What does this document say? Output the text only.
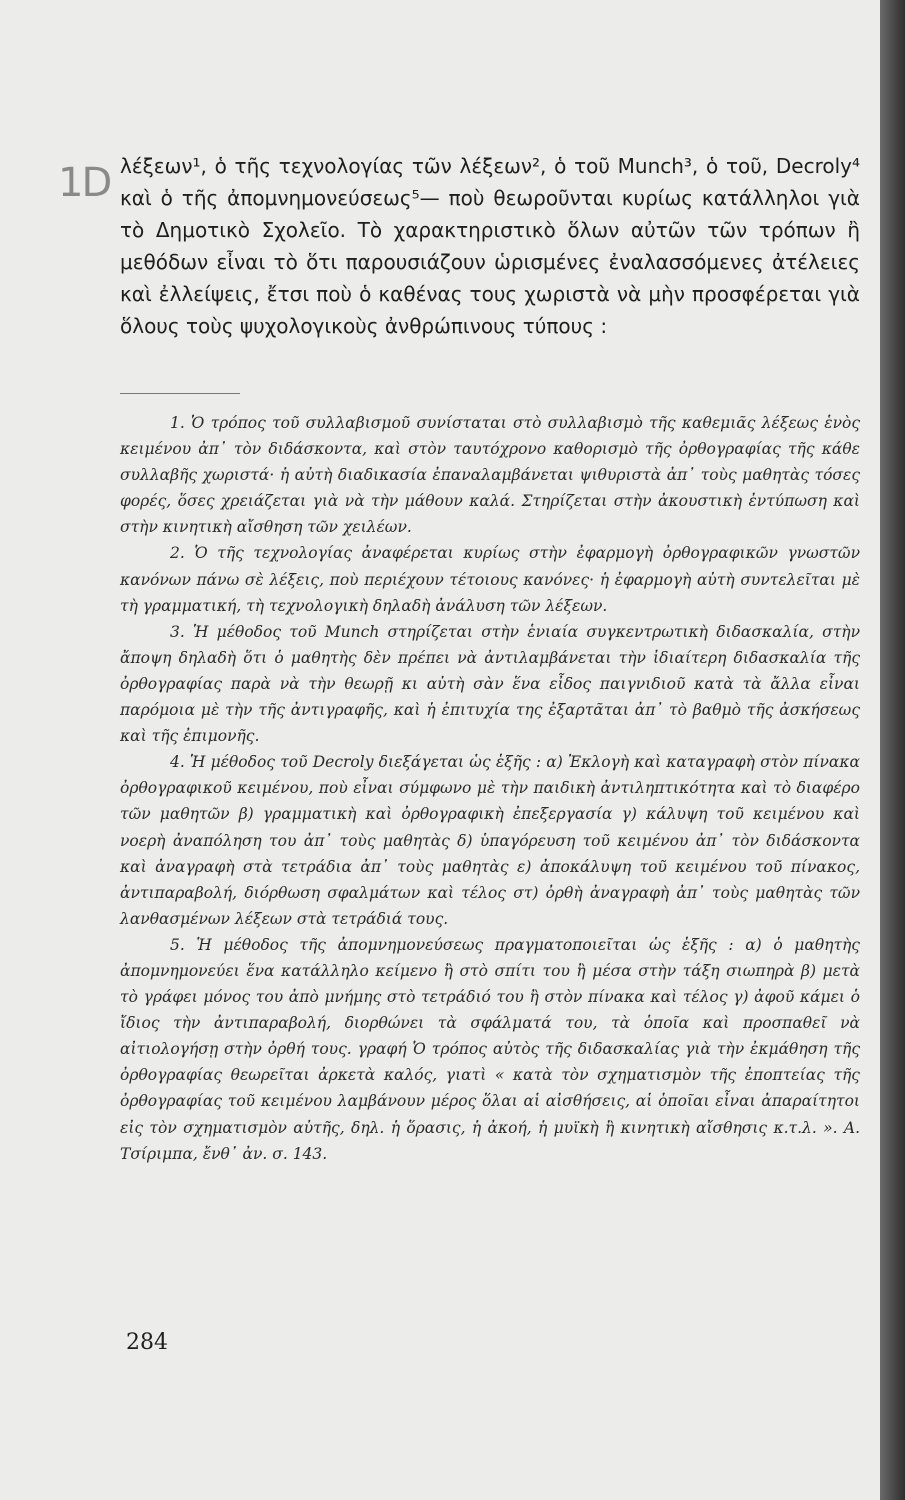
1D λέξεων¹, ὁ τῆς τεχνολογίας τῶν λέξεων², ὁ τοῦ Munch³, ὁ τοῦ, Decroly⁴ καὶ ὁ τῆς ἀπομνημονεύσεως⁵— ποὺ θεωροῦνται κυρίως κατάλληλοι γιὰ τὸ Δημοτικὸ Σχολεῖο. Τὸ χαρακτηριστικὸ ὅλων αὐτῶν τῶν τρόπων ἢ μεθόδων εἶναι τὸ ὅτι παρουσιάζουν ὡρισμένες ἐναλασσόμενες ἀτέλειες καὶ ἐλλείψεις, ἔτσι ποὺ ὁ καθένας τους χωριστὰ νὰ μὴν προσφέρεται γιὰ ὅλους τοὺς ψυχολογικοὺς ἀνθρώπινους τύπους :

1. Ὁ τρόπος τοῦ συλλαβισμοῦ συνίσταται στὸ συλλαβισμὸ τῆς καθεμιᾶς λέξεως ἑνὸς κειμένου ἀπ᾽ τὸν διδάσκοντα, καὶ στὸν ταυτόχρονο καθορισμὸ τῆς ὀρθογραφίας τῆς κάθε συλλαβῆς χωριστά· ἡ αὐτὴ διαδικασία ἐπαναλαμβάνεται ψιθυριστὰ ἀπ᾽ τοὺς μαθητὰς τόσες φορές, ὅσες χρειάζεται γιὰ νὰ τὴν μάθουν καλά. Στηρίζεται στὴν ἀκουστικὴ ἐντύπωση καὶ στὴν κινητικὴ αἴσθηση τῶν χειλέων.

2. Ὁ τῆς τεχνολογίας ἀναφέρεται κυρίως στὴν ἐφαρμογὴ ὀρθογραφικῶν γνωστῶν κανόνων πάνω σὲ λέξεις, ποὺ περιέχουν τέτοιους κανόνες· ἡ ἐφαρμογὴ αὐτὴ συντελεῖται μὲ τὴ γραμματική, τὴ τεχνολογικὴ δηλαδὴ ἀνάλυση τῶν λέξεων.

3. Ἡ μέθοδος τοῦ Munch στηρίζεται στὴν ἑνιαία συγκεντρωτικὴ διδασκαλία, στὴν ἄποψη δηλαδὴ ὅτι ὁ μαθητὴς δὲν πρέπει νὰ ἀντιλαμβάνεται τὴν ἰδιαίτερη διδασκαλία τῆς ὀρθογραφίας παρὰ νὰ τὴν θεωρῇ κι αὐτὴ σὰν ἕνα εἶδος παιγνιδιοῦ κατὰ τὰ ἄλλα εἶναι παρόμοια μὲ τὴν τῆς ἀντιγραφῆς, καὶ ἡ ἐπιτυχία της ἐξαρτᾶται ἀπ᾽ τὸ βαθμὸ τῆς ἀσκήσεως καὶ τῆς ἐπιμονῆς.

4. Ἡ μέθοδος τοῦ Decroly διεξάγεται ὡς ἑξῆς : α) Ἐκλογὴ καὶ καταγραφὴ στὸν πίνακα ὀρθογραφικοῦ κειμένου, ποὺ εἶναι σύμφωνο μὲ τὴν παιδικὴ ἀντιληπτικότητα καὶ τὸ διαφέρο τῶν μαθητῶν β) γραμματικὴ καὶ ὀρθογραφικὴ ἐπεξεργασία γ) κάλυψη τοῦ κειμένου καὶ νοερὴ ἀναπόληση του ἀπ᾽ τοὺς μαθητὰς δ) ὑπαγόρευση τοῦ κειμένου ἀπ᾽ τὸν διδάσκοντα καὶ ἀναγραφὴ στὰ τετράδια ἀπ᾽ τοὺς μαθητὰς ε) ἀποκάλυψη τοῦ κειμένου τοῦ πίνακος, ἀντιπαραβολή, διόρθωση σφαλμάτων καὶ τέλος στ) ὀρθὴ ἀναγραφὴ ἀπ᾽ τοὺς μαθητὰς τῶν λανθασμένων λέξεων στὰ τετράδιά τους.

5. Ἡ μέθοδος τῆς ἀπομνημονεύσεως πραγματοποιεῖται ὡς ἑξῆς : α) ὁ μαθητὴς ἀπομνημονεύει ἕνα κατάλληλο κείμενο ἢ στὸ σπίτι του ἢ μέσα στὴν τάξη σιωπηρὰ β) μετὰ τὸ γράφει μόνος του ἀπὸ μνήμης στὸ τετράδιό του ἢ στὸν πίνακα καὶ τέλος γ) ἀφοῦ κάμει ὁ ἴδιος τὴν ἀντιπαραβολή, διορθώνει τὰ σφάλματά του, τὰ ὁποῖα καὶ προσπαθεῖ νὰ αἰτιολογήσῃ στὴν ὀρθή τους. γραφή Ὁ τρόπος αὐτὸς τῆς διδασκαλίας γιὰ τὴν ἐκμάθηση τῆς ὀρθογραφίας θεωρεῖται ἀρκετὰ καλός, γιατὶ « κατὰ τὸν σχηματισμὸν τῆς ἐποπτείας τῆς ὀρθογραφίας τοῦ κειμένου λαμβάνουν μέρος ὅλαι αἱ αἰσθήσεις, αἱ ὁποῖαι εἶναι ἀπαραίτητοι εἰς τὸν σχηματισμὸν αὐτῆς, δηλ. ἡ ὅρασις, ἡ ἀκοή, ἡ μυϊκὴ ἢ κινητικὴ αἴσθησις κ.τ.λ. ». Α. Τσίριμπα, ἔνθ᾽ ἀν. σ. 143.

284
